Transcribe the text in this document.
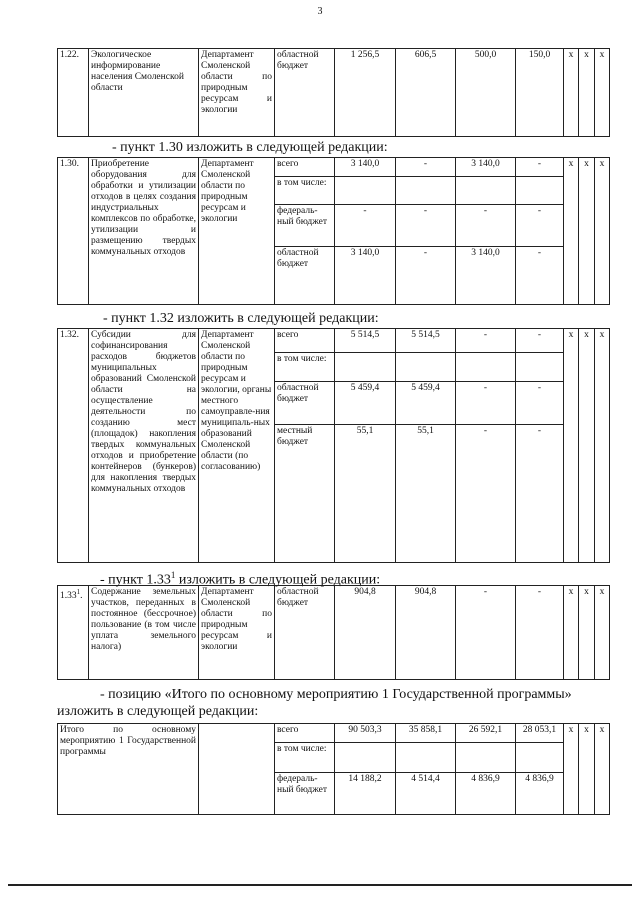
3
1.22.	Экологическое информирование населения Смоленской области	Департамент Смоленской области по природным ресурсам и экологии	областной бюджет	1 256,5	606,5	500,0	150,0	x	x	x
- пункт 1.30 изложить в следующей редакции:
1.30.	Приобретение оборудования для обработки и утилизации отходов в целях создания индустриальных комплексов по обработке, утилизации и размещению твердых коммунальных отходов	Департамент Смоленской области по природным ресурсам и экологии	всего	3 140,0	-	3 140,0	-	x	x	x
			в том числе:							
			федераль-ный бюджет	-	-	-	-			
			областной бюджет	3 140,0	-	3 140,0	-			
- пункт 1.32 изложить в следующей редакции:
1.32.	Субсидии для софинансирования расходов бюджетов муниципальных образований Смоленской области на осуществление деятельности по созданию мест (площадок) накопления твердых коммунальных отходов и приобретение контейнеров (бункеров) для накопления твердых коммунальных отходов	Департамент Смоленской области по природным ресурсам и экологии, органы местного самоуправле-ния муниципаль-ных образований Смоленской области (по согласованию)	всего	5 514,5	5 514,5	-	-	x	x	x
			в том числе:							
			областной бюджет	5 459,4	5 459,4	-	-			
			местный бюджет	55,1	55,1	-	-			
- пункт 1.33$^1$ изложить в следующей редакции:
1.33$^1$.	Содержание земельных участков, переданных в постоянное (бессрочное) пользование (в том числе уплата земельного налога)	Департамент Смоленской области по природным ресурсам и экологии	областной бюджет	904,8	904,8	-	-	x	x	x
- позицию «Итого по основному мероприятию 1 Государственной программы»
изложить в следующей редакции:
Итого по основному мероприятию 1 Государственной программы		всего	90 503,3	35 858,1	26 592,1	28 053,1	x	x	x
		в том числе:							
		федераль-ный бюджет	14 188,2	4 514,4	4 836,9	4 836,9			
